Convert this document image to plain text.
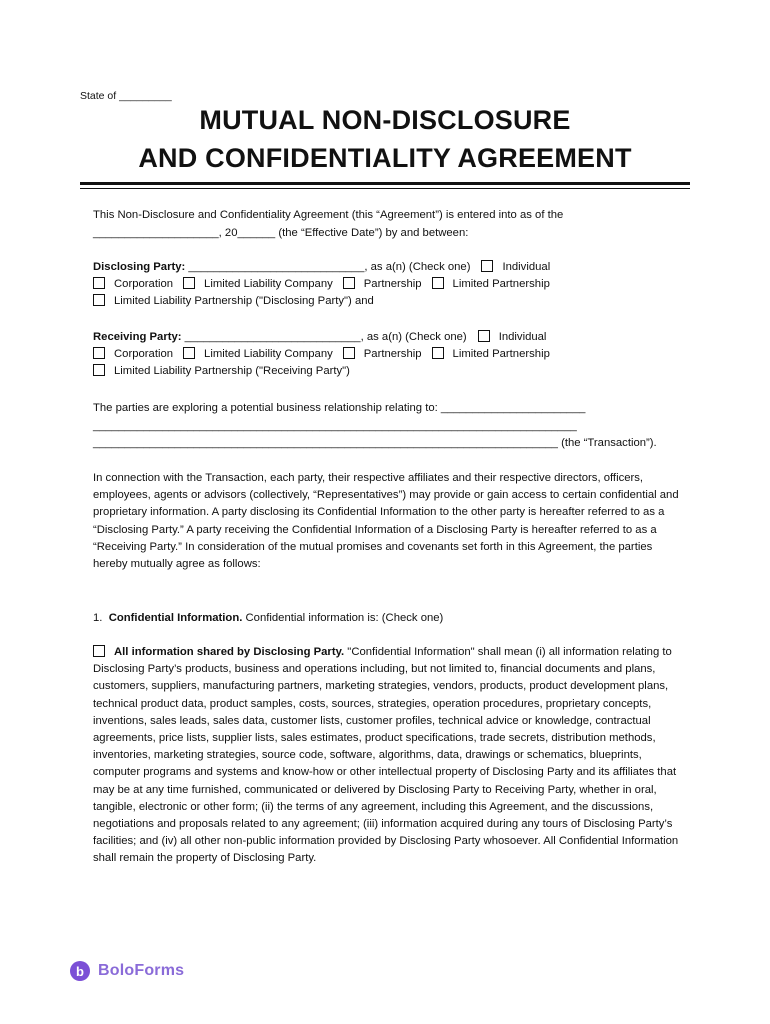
State of _________
MUTUAL NON-DISCLOSURE
AND CONFIDENTIALITY AGREEMENT
This Non-Disclosure and Confidentiality Agreement (this “Agreement”) is entered into as of the
____________________, 20______ (the “Effective Date”) by and between:
Disclosing Party: ____________________________, as a(n) (Check one)	Individual
Corporation	Limited Liability Company	Partnership	Limited Partnership
Limited Liability Partnership ("Disclosing Party") and
Receiving Party: ____________________________, as a(n) (Check one)	Individual
Corporation	Limited Liability Company	Partnership	Limited Partnership
Limited Liability Partnership ("Receiving Party")
The parties are exploring a potential business relationship relating to: _______________________
_____________________________________________________________________________
__________________________________________________________________________ (the “Transaction”).
In connection with the Transaction, each party, their respective affiliates and their respective directors, officers, employees, agents or advisors (collectively, “Representatives”) may provide or gain access to certain confidential and proprietary information. A party disclosing its Confidential Information to the other party is hereafter referred to as a “Disclosing Party.” A party receiving the Confidential Information of a Disclosing Party is hereafter referred to as a “Receiving Party.” In consideration of the mutual promises and covenants set forth in this Agreement, the parties hereby mutually agree as follows:
1. Confidential Information. Confidential information is: (Check one)
All information shared by Disclosing Party. "Confidential Information" shall mean (i) all information relating to Disclosing Party’s products, business and operations including, but not limited to, financial documents and plans, customers, suppliers, manufacturing partners, marketing strategies, vendors, products, product development plans, technical product data, product samples, costs, sources, strategies, operation procedures, proprietary concepts, inventions, sales leads, sales data, customer lists, customer profiles, technical advice or knowledge, contractual agreements, price lists, supplier lists, sales estimates, product specifications, trade secrets, distribution methods, inventories, marketing strategies, source code, software, algorithms, data, drawings or schematics, blueprints, computer programs and systems and know-how or other intellectual property of Disclosing Party and its affiliates that may be at any time furnished, communicated or delivered by Disclosing Party to Receiving Party, whether in oral, tangible, electronic or other form; (ii) the terms of any agreement, including this Agreement, and the discussions, negotiations and proposals related to any agreement; (iii) information acquired during any tours of Disclosing Party’s facilities; and (iv) all other non-public information provided by Disclosing Party whosoever. All Confidential Information shall remain the property of Disclosing Party.
b BoloForms
